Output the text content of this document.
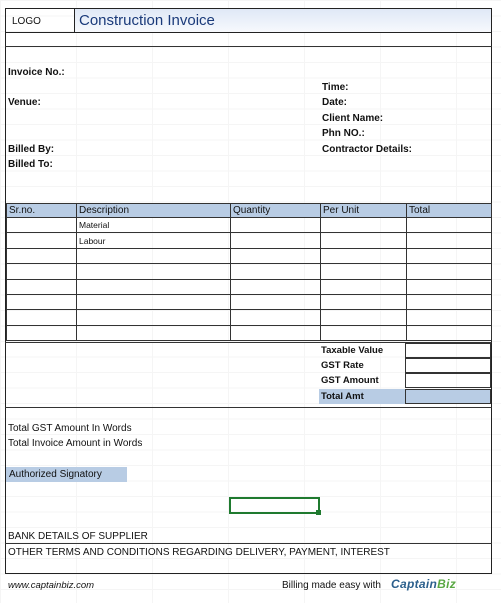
LOGO	Construction Invoice
Invoice No.:
Venue:
Billed By:
Billed To:
Time:
Date:
Client Name:
Phn NO.:
Contractor Details:
Sr.no.	Description	Quantity	Per Unit	Total
	Material			
	Labour			

Taxable Value
GST Rate
GST Amount
Total Amt
Total GST Amount In Words
Total Invoice Amount in Words
Authorized Signatory
BANK DETAILS OF SUPPLIER
OTHER TERMS AND CONDITIONS REGARDING DELIVERY, PAYMENT, INTEREST
www.captainbiz.com	Billing made easy with CaptainBiz
